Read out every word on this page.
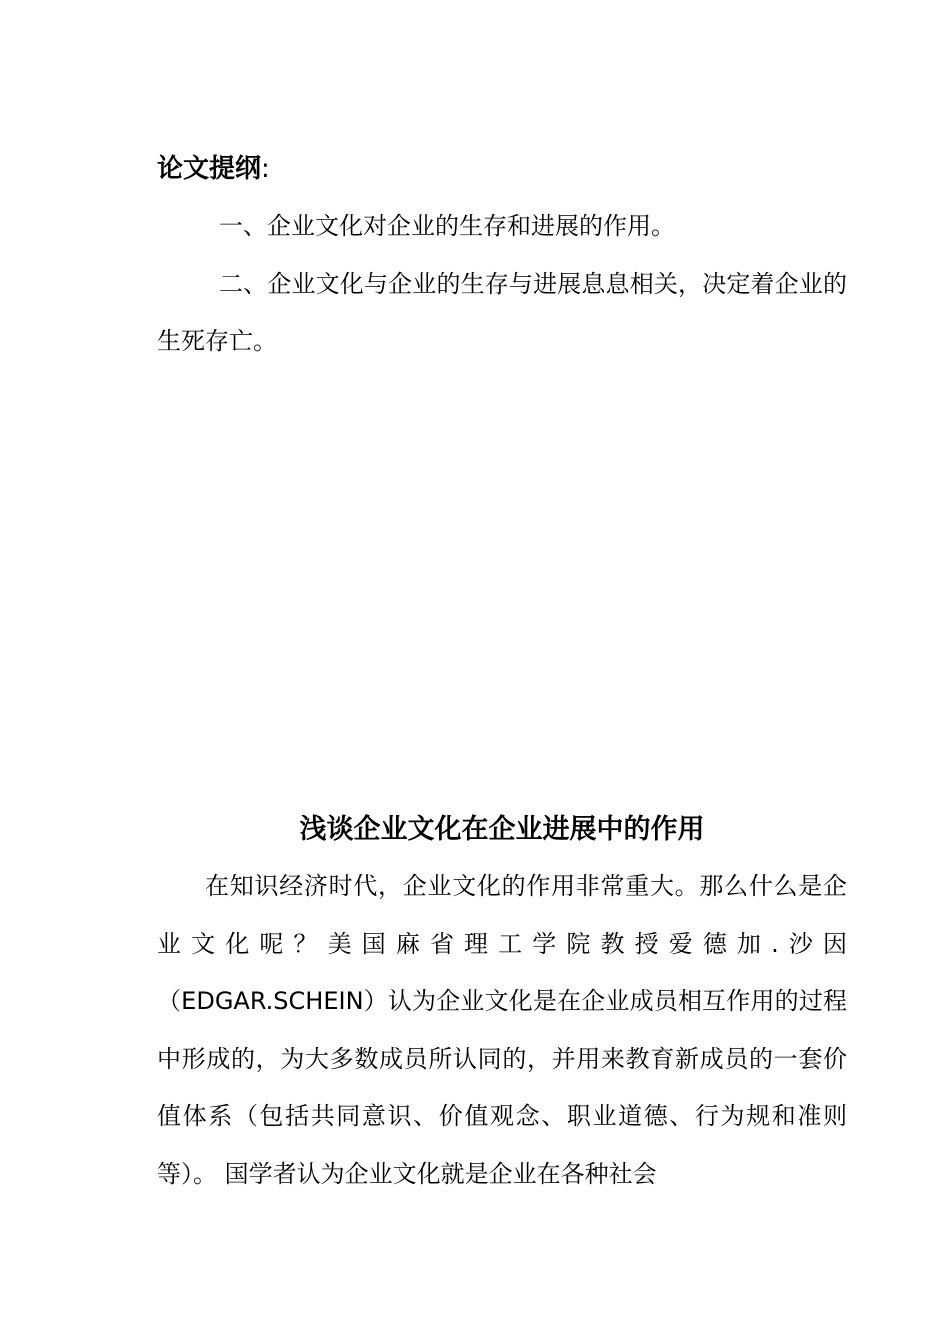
论文提纲:

一、企业文化对企业的生存和进展的作用。

二、企业文化与企业的生存与进展息息相关，决定着企业的生死存亡。

浅谈企业文化在企业进展中的作用

在知识经济时代，企业文化的作用非常重大。那么什么是企业文化呢？美国麻省理工学院教授爱德加.沙因（EDGAR.SCHEIN）认为企业文化是在企业成员相互作用的过程中形成的，为大多数成员所认同的，并用来教育新成员的一套价值体系（包括共同意识、价值观念、职业道德、行为规和准则等）。 国学者认为企业文化就是企业在各种社会
